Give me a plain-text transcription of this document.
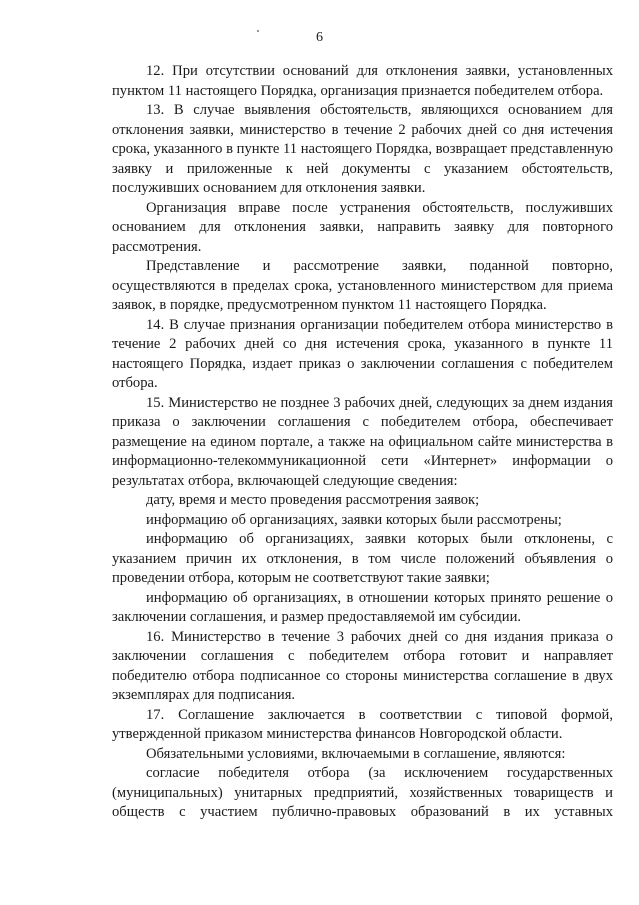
6

12. При отсутствии оснований для отклонения заявки, установленных пунктом 11 настоящего Порядка, организация признается победителем отбора.

13. В случае выявления обстоятельств, являющихся основанием для отклонения заявки, министерство в течение 2 рабочих дней со дня истечения срока, указанного в пункте 11 настоящего Порядка, возвращает представленную заявку и приложенные к ней документы с указанием обстоятельств, послуживших основанием для отклонения заявки.

Организация вправе после устранения обстоятельств, послуживших основанием для отклонения заявки, направить заявку для повторного рассмотрения.

Представление и рассмотрение заявки, поданной повторно, осуществляются в пределах срока, установленного министерством для приема заявок, в порядке, предусмотренном пунктом 11 настоящего Порядка.

14. В случае признания организации победителем отбора министерство в течение 2 рабочих дней со дня истечения срока, указанного в пункте 11 настоящего Порядка, издает приказ о заключении соглашения с победителем отбора.

15. Министерство не позднее 3 рабочих дней, следующих за днем издания приказа о заключении соглашения с победителем отбора, обеспечивает размещение на едином портале, а также на официальном сайте министерства в информационно-телекоммуникационной сети «Интернет» информации о результатах отбора, включающей следующие сведения:

дату, время и место проведения рассмотрения заявок;

информацию об организациях, заявки которых были рассмотрены;

информацию об организациях, заявки которых были отклонены, с указанием причин их отклонения, в том числе положений объявления о проведении отбора, которым не соответствуют такие заявки;

информацию об организациях, в отношении которых принято решение о заключении соглашения, и размер предоставляемой им субсидии.

16. Министерство в течение 3 рабочих дней со дня издания приказа о заключении соглашения с победителем отбора готовит и направляет победителю отбора подписанное со стороны министерства соглашение в двух экземплярах для подписания.

17. Соглашение заключается в соответствии с типовой формой, утвержденной приказом министерства финансов Новгородской области.

Обязательными условиями, включаемыми в соглашение, являются:

согласие победителя отбора (за исключением государственных (муниципальных) унитарных предприятий, хозяйственных товариществ и обществ с участием публично-правовых образований в их уставных
